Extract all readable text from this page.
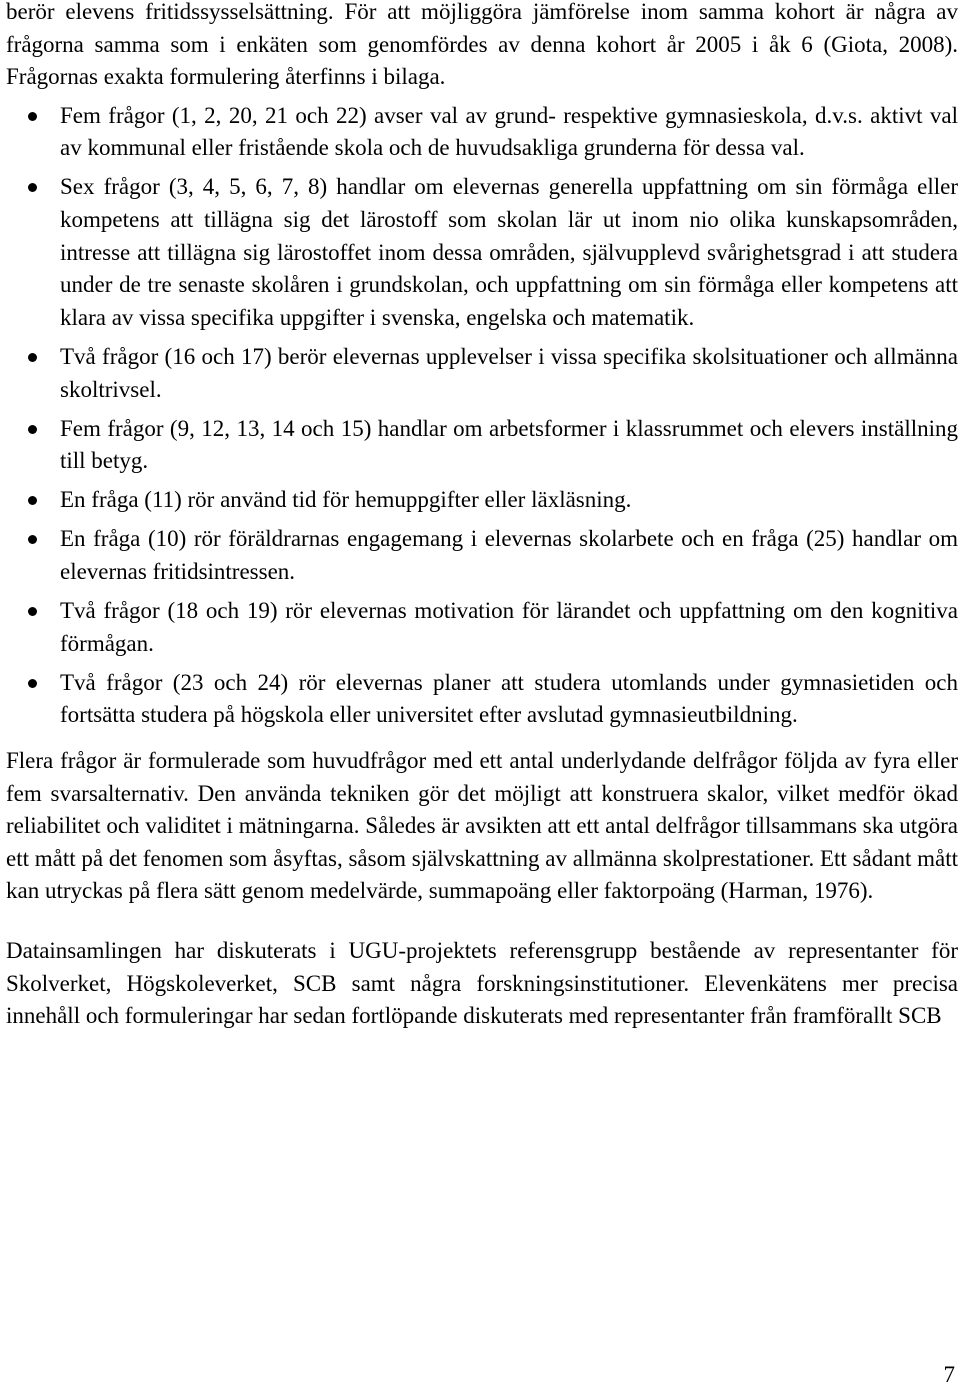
berör elevens fritidssysselsättning. För att möjliggöra jämförelse inom samma kohort är några av frågorna samma som i enkäten som genomfördes av denna kohort år 2005 i åk 6 (Giota, 2008). Frågornas exakta formulering återfinns i bilaga.

Fem frågor (1, 2, 20, 21 och 22) avser val av grund- respektive gymnasieskola, d.v.s. aktivt val av kommunal eller fristående skola och de huvudsakliga grunderna för dessa val.
Sex frågor (3, 4, 5, 6, 7, 8) handlar om elevernas generella uppfattning om sin förmåga eller kompetens att tillägna sig det lärostoff som skolan lär ut inom nio olika kunskapsområden, intresse att tillägna sig lärostoffet inom dessa områden, självupplevd svårighetsgrad i att studera under de tre senaste skolåren i grundskolan, och uppfattning om sin förmåga eller kompetens att klara av vissa specifika uppgifter i svenska, engelska och matematik.
Två frågor (16 och 17) berör elevernas upplevelser i vissa specifika skolsituationer och allmänna skoltrivsel.
Fem frågor (9, 12, 13, 14 och 15) handlar om arbetsformer i klassrummet och elevers inställning till betyg.
En fråga (11) rör använd tid för hemuppgifter eller läxläsning.
En fråga (10) rör föräldrarnas engagemang i elevernas skolarbete och en fråga (25) handlar om elevernas fritidsintressen.
Två frågor (18 och 19) rör elevernas motivation för lärandet och uppfattning om den kognitiva förmågan.
Två frågor (23 och 24) rör elevernas planer att studera utomlands under gymnasietiden och fortsätta studera på högskola eller universitet efter avslutad gymnasieutbildning.

Flera frågor är formulerade som huvudfrågor med ett antal underlydande delfrågor följda av fyra eller fem svarsalternativ. Den använda tekniken gör det möjligt att konstruera skalor, vilket medför ökad reliabilitet och validitet i mätningarna. Således är avsikten att ett antal delfrågor tillsammans ska utgöra ett mått på det fenomen som åsyftas, såsom självskattning av allmänna skolprestationer. Ett sådant mått kan utryckas på flera sätt genom medelvärde, summapoäng eller faktorpoäng (Harman, 1976).

Datainsamlingen har diskuterats i UGU-projektets referensgrupp bestående av representanter för Skolverket, Högskoleverket, SCB samt några forskningsinstitutioner. Elevenkätens mer precisa innehåll och formuleringar har sedan fortlöpande diskuterats med representanter från framförallt SCB

7
